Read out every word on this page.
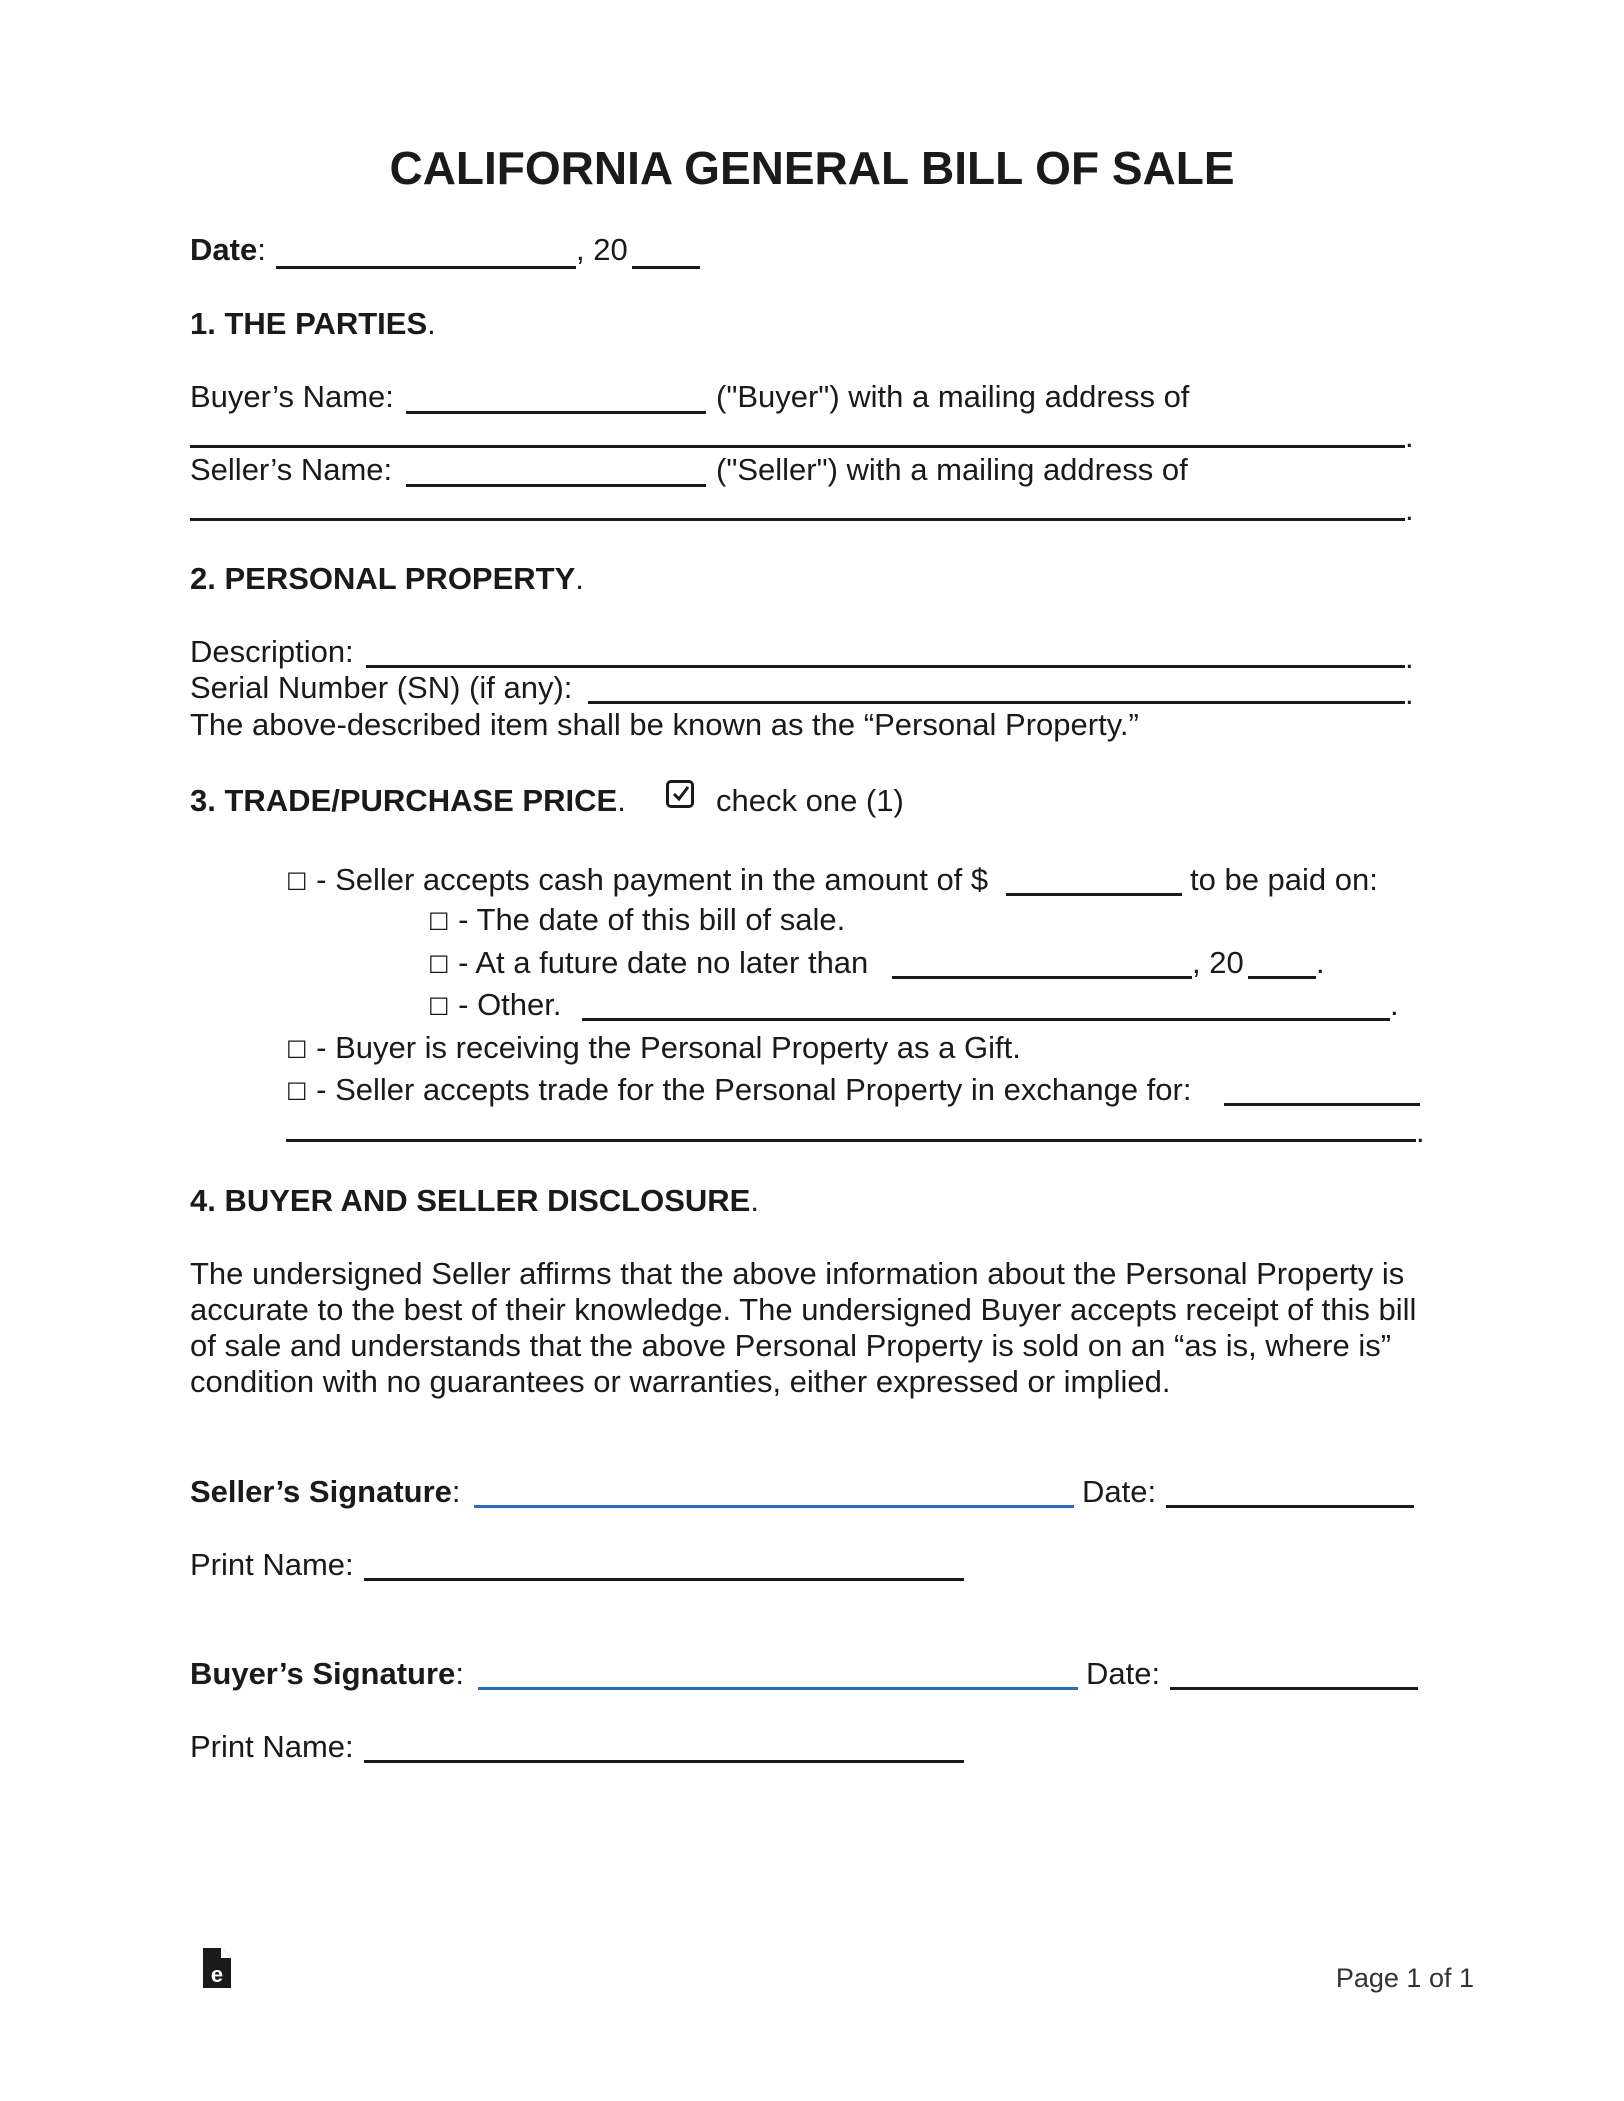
CALIFORNIA GENERAL BILL OF SALE
Date:	, 20
1. THE PARTIES.
Buyer’s Name:	("Buyer") with a mailing address of
.
Seller’s Name:	("Seller") with a mailing address of
.
2. PERSONAL PROPERTY.
Description:	.
Serial Number (SN) (if any):	.
The above-described item shall be known as the “Personal Property.”
3. TRADE/PURCHASE PRICE.	check one (1)
☐ - Seller accepts cash payment in the amount of $	to be paid on:
☐ - The date of this bill of sale.
☐ - At a future date no later than	, 20 .
☐ - Other.	.
☐ - Buyer is receiving the Personal Property as a Gift.
☐ - Seller accepts trade for the Personal Property in exchange for:
.
4. BUYER AND SELLER DISCLOSURE.
The undersigned Seller affirms that the above information about the Personal Property is accurate to the best of their knowledge. The undersigned Buyer accepts receipt of this bill of sale and understands that the above Personal Property is sold on an “as is, where is” condition with no guarantees or warranties, either expressed or implied.
Seller’s Signature:	Date:
Print Name:
Buyer’s Signature:	Date:
Print Name:
e	Page 1 of 1
